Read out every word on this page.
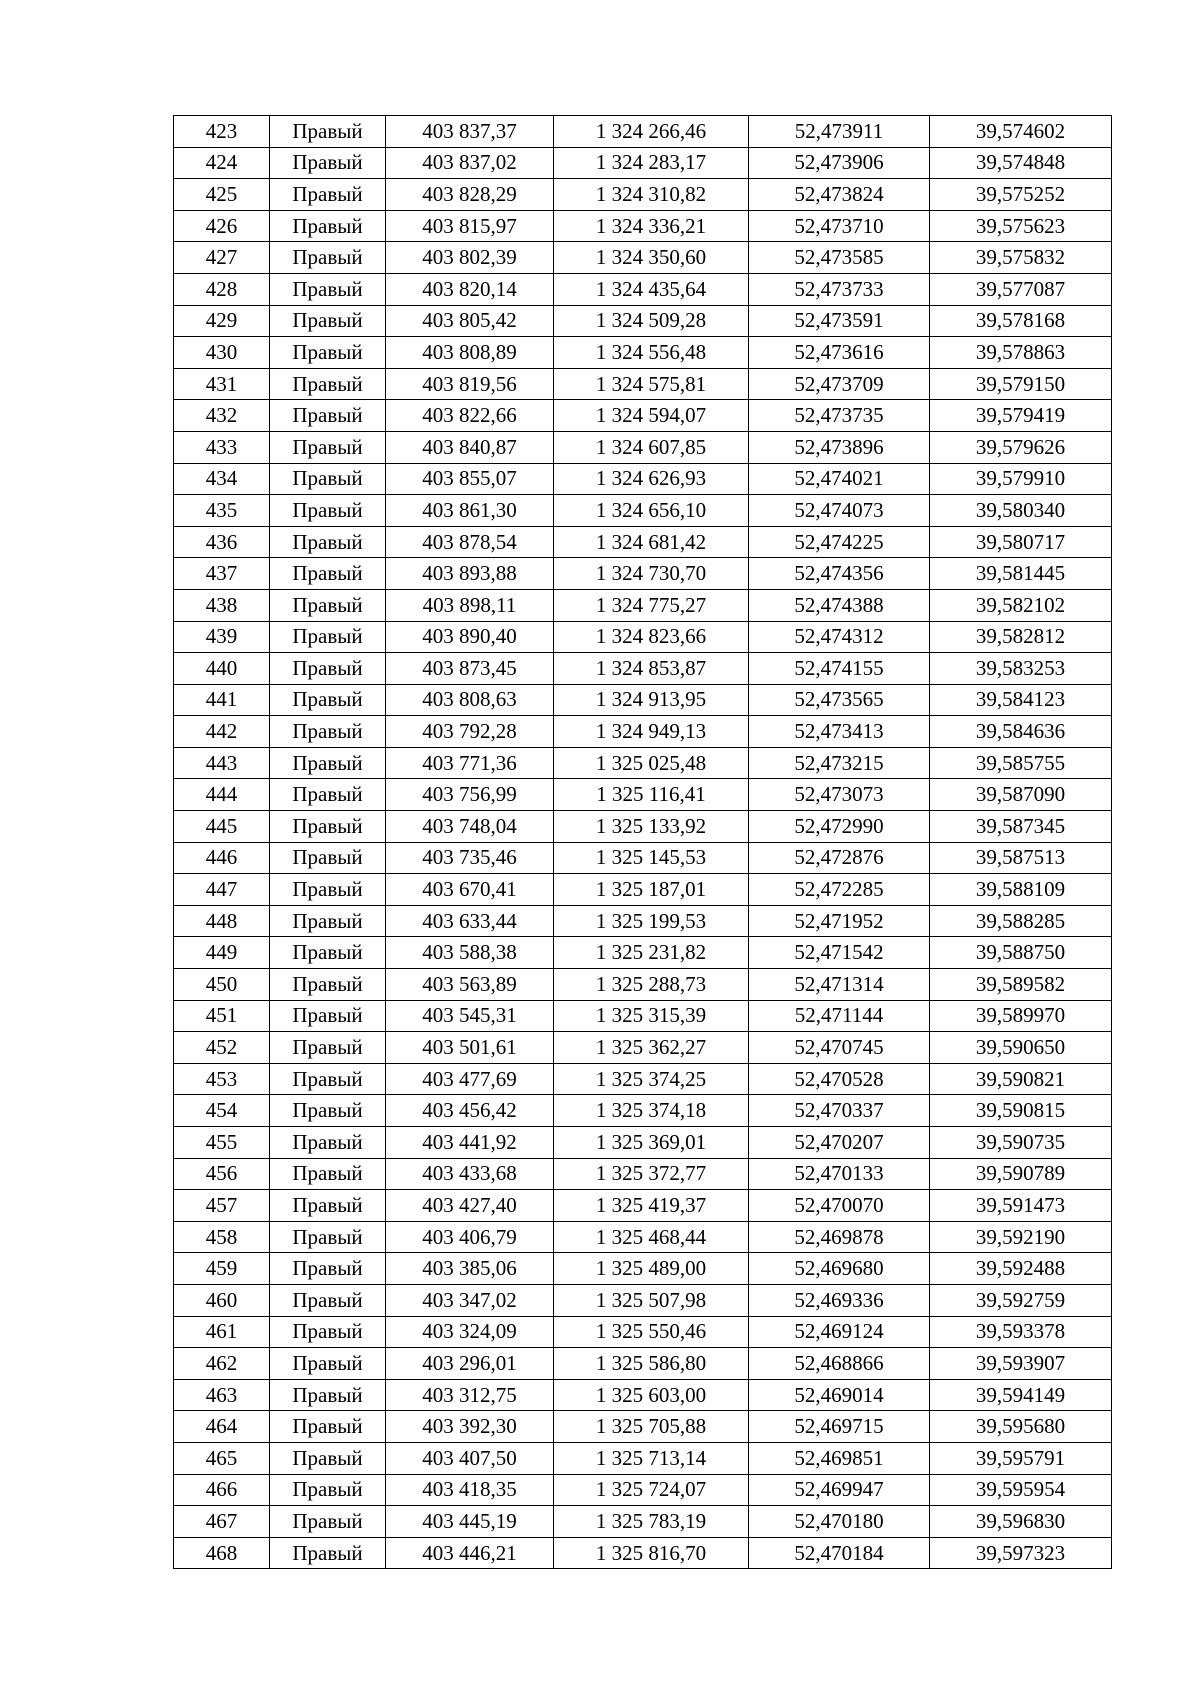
423	Правый	403 837,37	1 324 266,46	52,473911	39,574602
424	Правый	403 837,02	1 324 283,17	52,473906	39,574848
425	Правый	403 828,29	1 324 310,82	52,473824	39,575252
426	Правый	403 815,97	1 324 336,21	52,473710	39,575623
427	Правый	403 802,39	1 324 350,60	52,473585	39,575832
428	Правый	403 820,14	1 324 435,64	52,473733	39,577087
429	Правый	403 805,42	1 324 509,28	52,473591	39,578168
430	Правый	403 808,89	1 324 556,48	52,473616	39,578863
431	Правый	403 819,56	1 324 575,81	52,473709	39,579150
432	Правый	403 822,66	1 324 594,07	52,473735	39,579419
433	Правый	403 840,87	1 324 607,85	52,473896	39,579626
434	Правый	403 855,07	1 324 626,93	52,474021	39,579910
435	Правый	403 861,30	1 324 656,10	52,474073	39,580340
436	Правый	403 878,54	1 324 681,42	52,474225	39,580717
437	Правый	403 893,88	1 324 730,70	52,474356	39,581445
438	Правый	403 898,11	1 324 775,27	52,474388	39,582102
439	Правый	403 890,40	1 324 823,66	52,474312	39,582812
440	Правый	403 873,45	1 324 853,87	52,474155	39,583253
441	Правый	403 808,63	1 324 913,95	52,473565	39,584123
442	Правый	403 792,28	1 324 949,13	52,473413	39,584636
443	Правый	403 771,36	1 325 025,48	52,473215	39,585755
444	Правый	403 756,99	1 325 116,41	52,473073	39,587090
445	Правый	403 748,04	1 325 133,92	52,472990	39,587345
446	Правый	403 735,46	1 325 145,53	52,472876	39,587513
447	Правый	403 670,41	1 325 187,01	52,472285	39,588109
448	Правый	403 633,44	1 325 199,53	52,471952	39,588285
449	Правый	403 588,38	1 325 231,82	52,471542	39,588750
450	Правый	403 563,89	1 325 288,73	52,471314	39,589582
451	Правый	403 545,31	1 325 315,39	52,471144	39,589970
452	Правый	403 501,61	1 325 362,27	52,470745	39,590650
453	Правый	403 477,69	1 325 374,25	52,470528	39,590821
454	Правый	403 456,42	1 325 374,18	52,470337	39,590815
455	Правый	403 441,92	1 325 369,01	52,470207	39,590735
456	Правый	403 433,68	1 325 372,77	52,470133	39,590789
457	Правый	403 427,40	1 325 419,37	52,470070	39,591473
458	Правый	403 406,79	1 325 468,44	52,469878	39,592190
459	Правый	403 385,06	1 325 489,00	52,469680	39,592488
460	Правый	403 347,02	1 325 507,98	52,469336	39,592759
461	Правый	403 324,09	1 325 550,46	52,469124	39,593378
462	Правый	403 296,01	1 325 586,80	52,468866	39,593907
463	Правый	403 312,75	1 325 603,00	52,469014	39,594149
464	Правый	403 392,30	1 325 705,88	52,469715	39,595680
465	Правый	403 407,50	1 325 713,14	52,469851	39,595791
466	Правый	403 418,35	1 325 724,07	52,469947	39,595954
467	Правый	403 445,19	1 325 783,19	52,470180	39,596830
468	Правый	403 446,21	1 325 816,70	52,470184	39,597323
